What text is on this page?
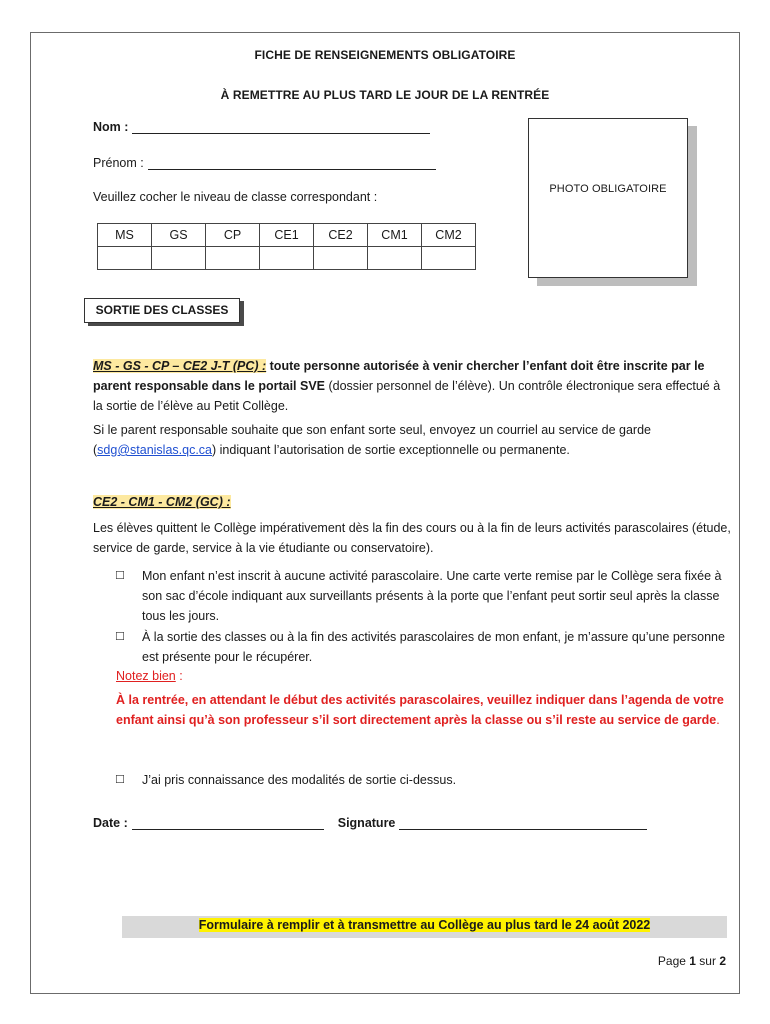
FICHE DE RENSEIGNEMENTS OBLIGATOIRE
À REMETTRE AU PLUS TARD LE JOUR DE LA RENTRÉE
Nom :
Prénom :
Veuillez cocher le niveau de classe correspondant :
MS	GS	CP	CE1	CE2	CM1	CM2

PHOTO OBLIGATOIRE
SORTIE DES CLASSES
MS - GS - CP – CE2 J-T (PC) : toute personne autorisée à venir chercher l’enfant doit être inscrite par le parent responsable dans le portail SVE (dossier personnel de l’élève). Un contrôle électronique sera effectué à la sortie de l’élève au Petit Collège.
Si le parent responsable souhaite que son enfant sorte seul, envoyez un courriel au service de garde (sdg@stanislas.qc.ca) indiquant l’autorisation de sortie exceptionnelle ou permanente.
CE2 - CM1 - CM2 (GC) :
Les élèves quittent le Collège impérativement dès la fin des cours ou à la fin de leurs activités parascolaires (étude, service de garde, service à la vie étudiante ou conservatoire).
☐	Mon enfant n’est inscrit à aucune activité parascolaire. Une carte verte remise par le Collège sera fixée à son sac d’école indiquant aux surveillants présents à la porte que l’enfant peut sortir seul après la classe tous les jours.
☐	À la sortie des classes ou à la fin des activités parascolaires de mon enfant, je m’assure qu’une personne est présente pour le récupérer.
Notez bien :
À la rentrée, en attendant le début des activités parascolaires, veuillez indiquer dans l’agenda de votre enfant ainsi qu’à son professeur s’il sort directement après la classe ou s’il reste au service de garde.
☐	J’ai pris connaissance des modalités de sortie ci-dessus.
Date :	Signature
Formulaire à remplir et à transmettre au Collège au plus tard le 24 août 2022
Page 1 sur 2
